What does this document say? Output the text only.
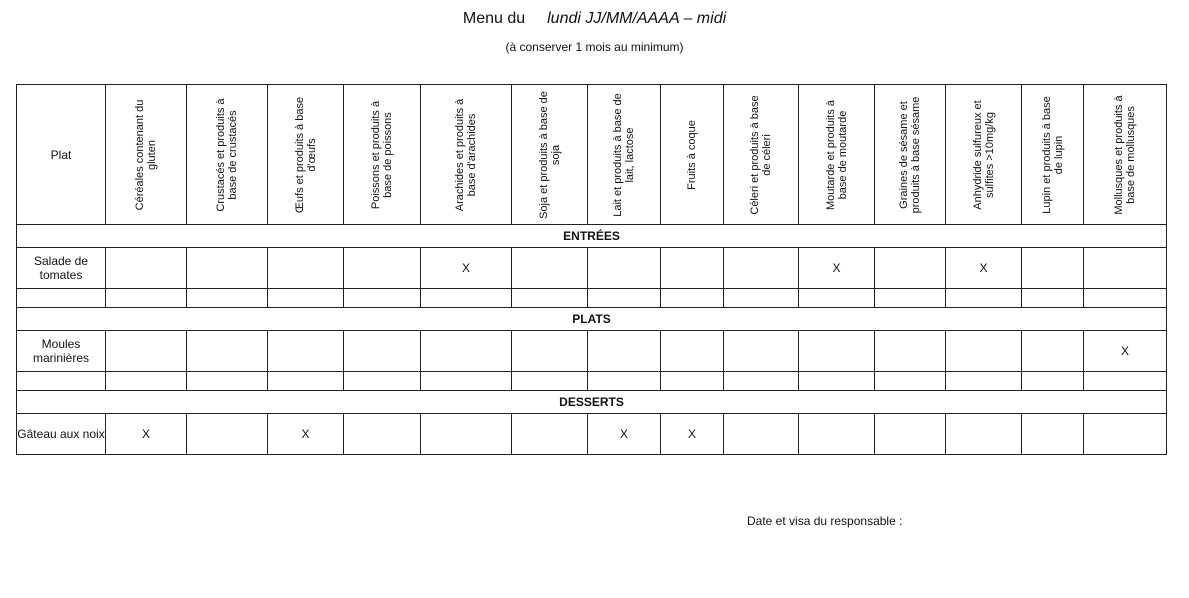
Menu du lundi JJ/MM/AAAA – midi
(à conserver 1 mois au minimum)
Plat	Céréales contenant du gluten	Crustacés et produits à base de crustacés	Œufs et produits à base d'œufs	Poissons et produits à base de poissons	Arachides et produits à base d'arachides	Soja et produits à base de soja	Lait et produits à base de lait, lactose	Fruits à coque	Céleri et produits à base de céleri	Moutarde et produits à base de moutarde	Graines de sésame et produits à base sésame	Anhydride sulfureux et sulfites >10mg/kg	Lupin et produits à base de lupin	Mollusques et produits à base de mollusques

ENTRÉES														
Salade de tomates					X					X		X		

PLATS														
Moules marinières														X

DESSERTS														
Gâteau aux noix	X		X				X	X						
Date et visa du responsable :
